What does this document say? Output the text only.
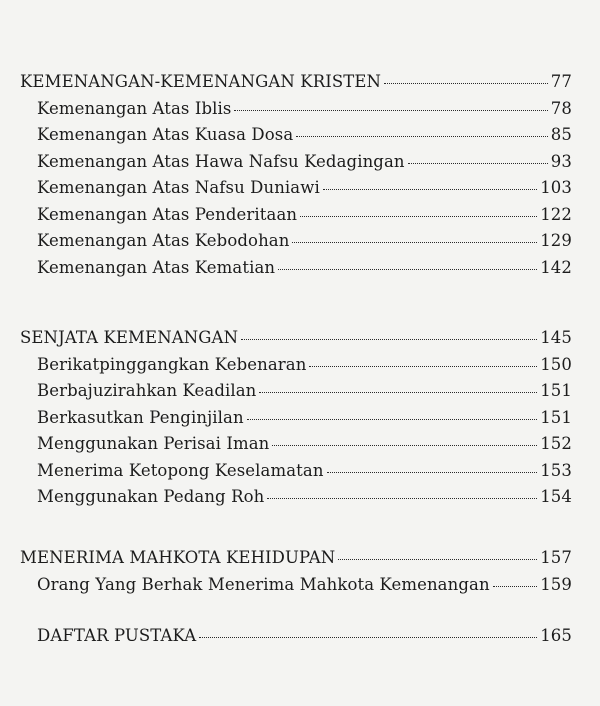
KEMENANGAN-KEMENANGAN KRISTEN	77
Kemenangan Atas Iblis	78
Kemenangan Atas Kuasa Dosa	85
Kemenangan Atas Hawa Nafsu Kedagingan	93
Kemenangan Atas Nafsu Duniawi	103
Kemenangan Atas Penderitaan	122
Kemenangan Atas Kebodohan	129
Kemenangan Atas Kematian	142
SENJATA KEMENANGAN	145
Berikatpinggangkan Kebenaran	150
Berbajuzirahkan Keadilan	151
Berkasutkan Penginjilan	151
Menggunakan Perisai Iman	152
Menerima Ketopong Keselamatan	153
Menggunakan Pedang Roh	154
MENERIMA MAHKOTA KEHIDUPAN	157
Orang Yang Berhak Menerima Mahkota Kemenangan	159
DAFTAR PUSTAKA	165
